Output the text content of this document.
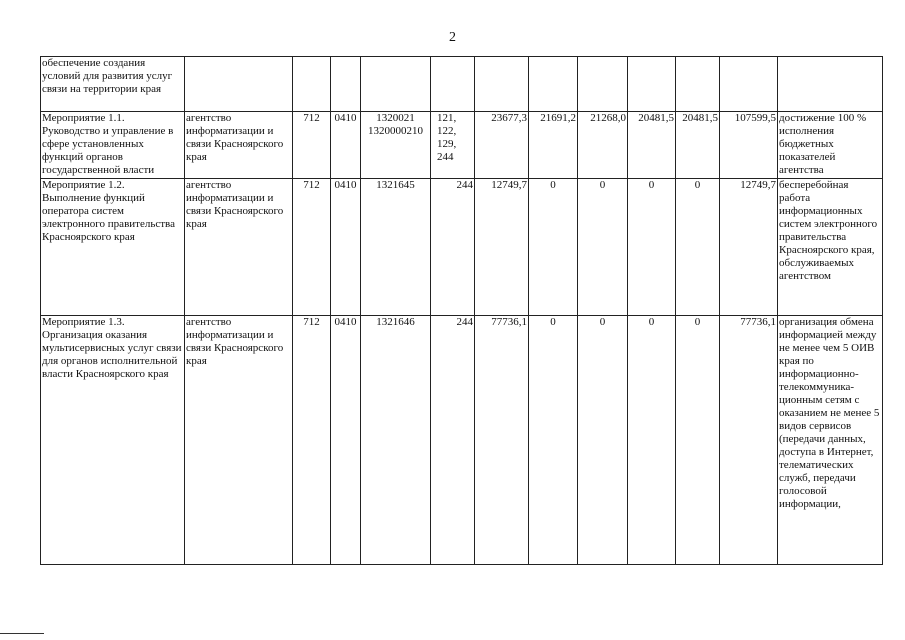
2
обеспечение создания условий для развития услуг связи на территории края												
Мероприятие 1.1. Руководство и управление в сфере установленных функций органов государственной власти	агентство информатизации и связи Красноярского края	712	0410	1320021 1320000210	121, 122, 129, 244	23677,3	21691,2	21268,0	20481,5	20481,5	107599,5	достижение 100 % исполнения бюджетных показателей агентства
Мероприятие 1.2. Выполнение функций оператора систем электронного правительства Красноярского края	агентство информатизации и связи Красноярского края	712	0410	1321645	244	12749,7	0	0	0	0	12749,7	бесперебойная работа информационных систем электронного правительства Красноярского края, обслуживаемых агентством
Мероприятие 1.3. Организация оказания мультисервисных услуг связи для органов исполнительной власти Красноярского края	агентство информатизации и связи Красноярского края	712	0410	1321646	244	77736,1	0	0	0	0	77736,1	организация обмена информацией между не менее чем 5 ОИВ края по информационно-телекоммуника-ционным сетям с оказанием не менее 5 видов сервисов (передачи данных, доступа в Интернет, телематических служб, передачи голосовой информации,
